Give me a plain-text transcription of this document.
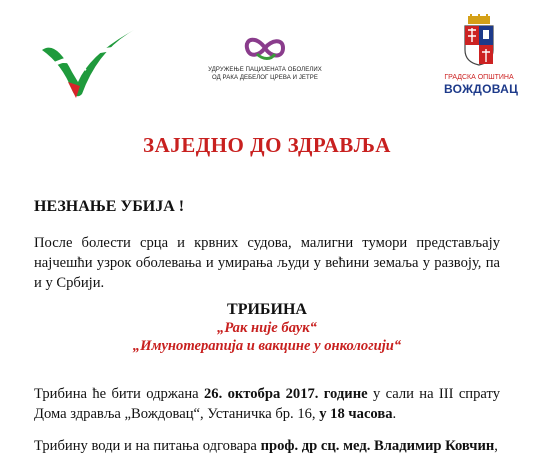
УДРУЖЕЊЕ ПАЦИЈЕНАТА ОБОЛЕЛИХ
ОД РАКА ДЕБЕЛОГ ЦРЕВА И ЈЕТРЕ	ГРАДСКА ОПШТИНА
ВОЖДОВАЦ
ЗАЈЕДНО ДО ЗДРАВЉА
НЕЗНАЊЕ УБИЈА !

После болести срца и крвних судова, малигни тумори представљају најчешћи узрок оболевања и умирања људи у већини земаља у развоју, па и у Србији.

ТРИБИНА
„Рак није баук“
„Имунотерапија и вакцине у онкологији“

Трибина ће бити одржана 26. октобра 2017. године у сали на III спрату Дома здравља „Вождовац“, Устаничка бр. 16, у 18 часова.

Трибину води и на питања одговара проф. др сц. мед. Владимир Ковчин,
